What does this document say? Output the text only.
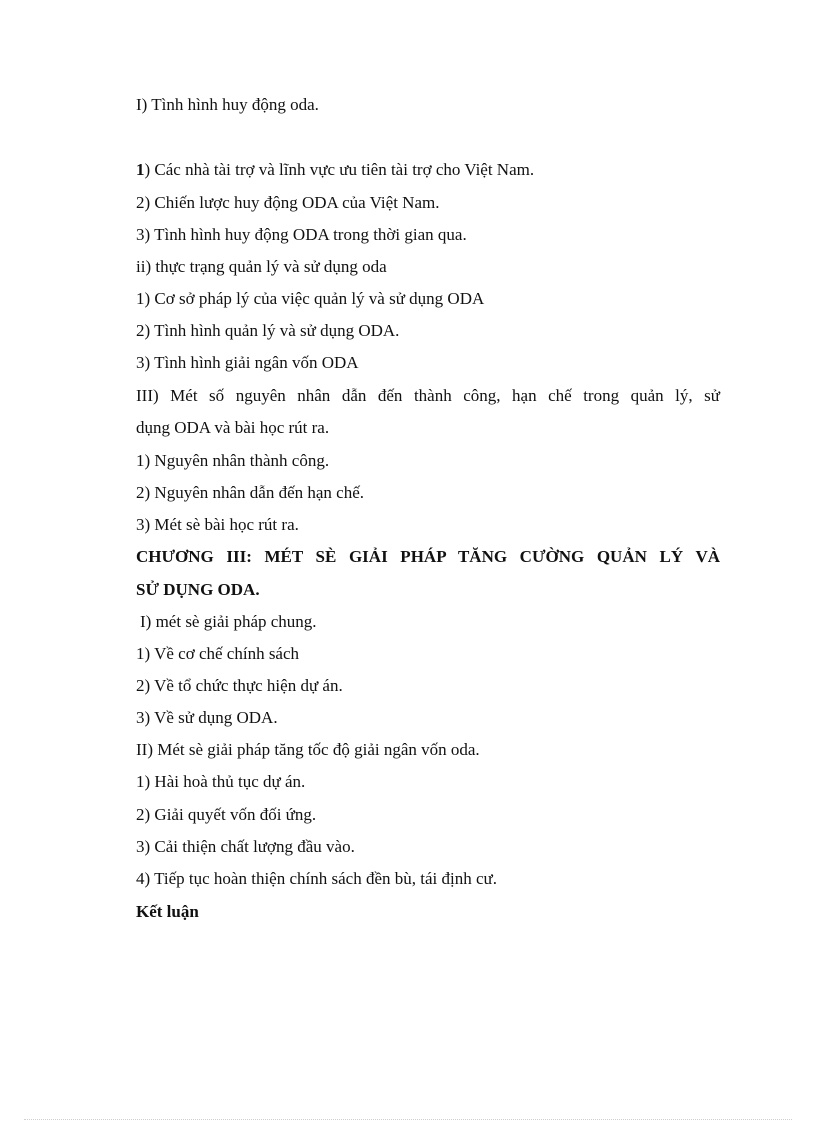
I) Tình hình huy động oda.
1) Các nhà tài trợ và lĩnh vực ưu tiên tài trợ cho Việt Nam.
2) Chiến lược huy động ODA của Việt Nam.
3) Tình hình huy động ODA trong thời gian qua.
ii) thực trạng quản lý và sử dụng oda
1) Cơ sở pháp lý của việc quản lý và sử dụng ODA
2) Tình hình quản lý và sử dụng ODA.
3) Tình hình giải ngân vốn ODA
III) Mét số nguyên nhân dẫn đến thành công, hạn chế trong quản lý, sử
dụng ODA và bài học rút ra.
1) Nguyên nhân thành công.
2) Nguyên nhân dẫn đến hạn chế.
3) Mét sè bài học rút ra.
CHƯƠNG III: MÉT SÈ GIẢI PHÁP TĂNG CƯỜNG QUẢN LÝ VÀ
SỬ DỤNG ODA.
I) mét sè giải pháp chung.
1) Về cơ chế chính sách
2) Về tổ chức thực hiện dự án.
3) Về sử dụng ODA.
II) Mét sè giải pháp tăng tốc độ giải ngân vốn oda.
1) Hài hoà thủ tục dự án.
2) Giải quyết vốn đối ứng.
3) Cải thiện chất lượng đầu vào.
4) Tiếp tục hoàn thiện chính sách đền bù, tái định cư.
Kết luận
